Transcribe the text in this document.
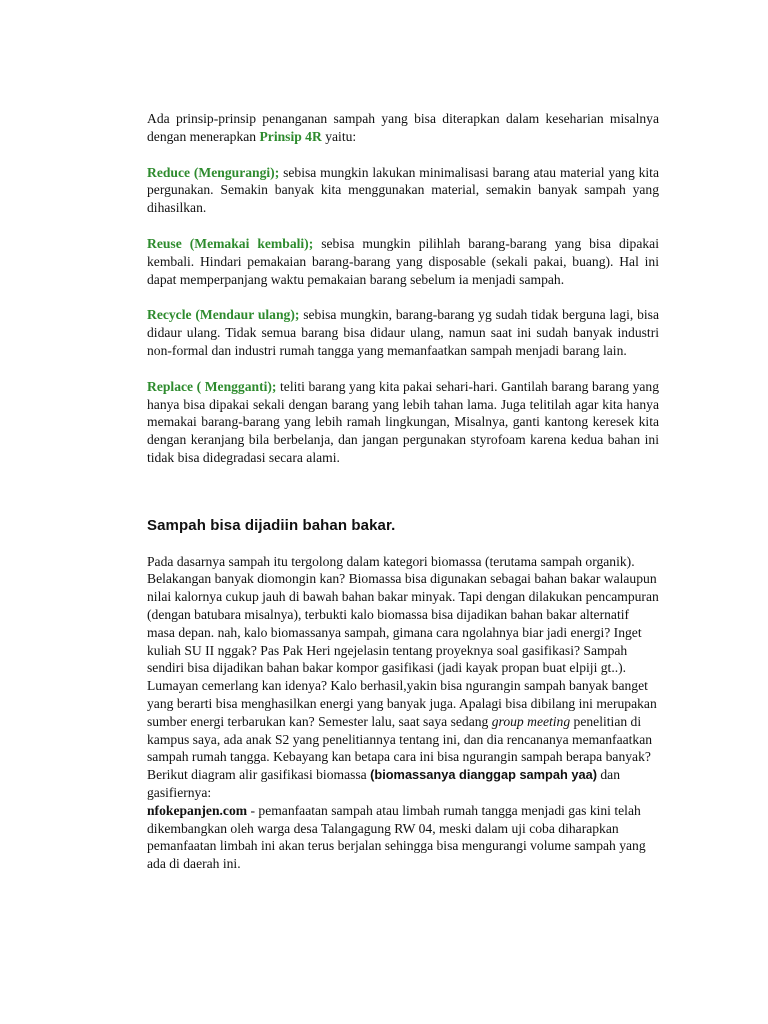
Ada prinsip-prinsip penanganan sampah yang bisa diterapkan dalam keseharian misalnya dengan menerapkan Prinsip 4R yaitu:

Reduce (Mengurangi); sebisa mungkin lakukan minimalisasi barang atau material yang kita pergunakan. Semakin banyak kita menggunakan material, semakin banyak sampah yang dihasilkan.

Reuse (Memakai kembali); sebisa mungkin pilihlah barang-barang yang bisa dipakai kembali. Hindari pemakaian barang-barang yang disposable (sekali pakai, buang). Hal ini dapat memperpanjang waktu pemakaian barang sebelum ia menjadi sampah.

Recycle (Mendaur ulang); sebisa mungkin, barang-barang yg sudah tidak berguna lagi, bisa didaur ulang. Tidak semua barang bisa didaur ulang, namun saat ini sudah banyak industri non-formal dan industri rumah tangga yang memanfaatkan sampah menjadi barang lain.

Replace ( Mengganti); teliti barang yang kita pakai sehari-hari. Gantilah barang barang yang hanya bisa dipakai sekali dengan barang yang lebih tahan lama. Juga telitilah agar kita hanya memakai barang-barang yang lebih ramah lingkungan, Misalnya, ganti kantong keresek kita dengan keranjang bila berbelanja, dan jangan pergunakan styrofoam karena kedua bahan ini tidak bisa didegradasi secara alami.

Sampah bisa dijadiin bahan bakar.

Pada dasarnya sampah itu tergolong dalam kategori biomassa (terutama sampah organik). Belakangan banyak diomongin kan? Biomassa bisa digunakan sebagai bahan bakar walaupun nilai kalornya cukup jauh di bawah bahan bakar minyak. Tapi dengan dilakukan pencampuran (dengan batubara misalnya), terbukti kalo biomassa bisa dijadikan bahan bakar alternatif masa depan. nah, kalo biomassanya sampah, gimana cara ngolahnya biar jadi energi? Inget kuliah SU II nggak? Pas Pak Heri ngejelasin tentang proyeknya soal gasifikasi? Sampah sendiri bisa dijadikan bahan bakar kompor gasifikasi (jadi kayak propan buat elpiji gt..). Lumayan cemerlang kan idenya? Kalo berhasil,yakin bisa ngurangin sampah banyak banget yang berarti bisa menghasilkan energi yang banyak juga. Apalagi bisa dibilang ini merupakan sumber energi terbarukan kan? Semester lalu, saat saya sedang group meeting penelitian di kampus saya, ada anak S2 yang penelitiannya tentang ini, dan dia rencananya memanfaatkan sampah rumah tangga. Kebayang kan betapa cara ini bisa ngurangin sampah berapa banyak? Berikut diagram alir gasifikasi biomassa (biomassanya dianggap sampah yaa) dan gasifiernya:
nfokepanjen.com - pemanfaatan sampah atau limbah rumah tangga menjadi gas kini telah dikembangkan oleh warga desa Talangagung RW 04, meski dalam uji coba diharapkan pemanfaatan limbah ini akan terus berjalan sehingga bisa mengurangi volume sampah yang ada di daerah ini.
